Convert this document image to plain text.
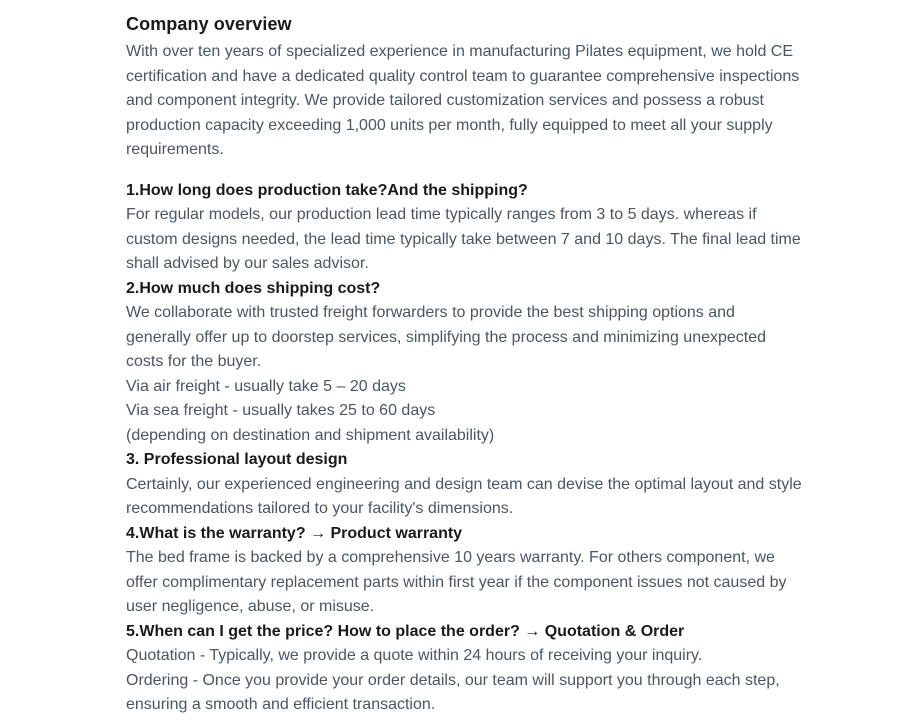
Company overview

With over ten years of specialized experience in manufacturing Pilates equipment, we hold CE certification and have a dedicated quality control team to guarantee comprehensive inspections and component integrity. We provide tailored customization services and possess a robust production capacity exceeding 1,000 units per month, fully equipped to meet all your supply requirements.

1.How long does production take?And the shipping?

For regular models, our production lead time typically ranges from 3 to 5 days. whereas if custom designs needed, the lead time typically take between 7 and 10 days. The final lead time shall advised by our sales advisor.

2.How much does shipping cost?

We collaborate with trusted freight forwarders to provide the best shipping options and generally offer up to doorstep services, simplifying the process and minimizing unexpected costs for the buyer.

Via air freight - usually take 5 – 20 days

Via sea freight - usually takes 25 to 60 days

(depending on destination and shipment availability)

3. Professional layout design

Certainly, our experienced engineering and design team can devise the optimal layout and style recommendations tailored to your facility's dimensions.

4.What is the warranty? → Product warranty

The bed frame is backed by a comprehensive 10 years warranty. For others component, we offer complimentary replacement parts within first year if the component issues not caused by user negligence, abuse, or misuse.

5.When can I get the price? How to place the order? → Quotation & Order

Quotation - Typically, we provide a quote within 24 hours of receiving your inquiry.

Ordering - Once you provide your order details, our team will support you through each step, ensuring a smooth and efficient transaction.
